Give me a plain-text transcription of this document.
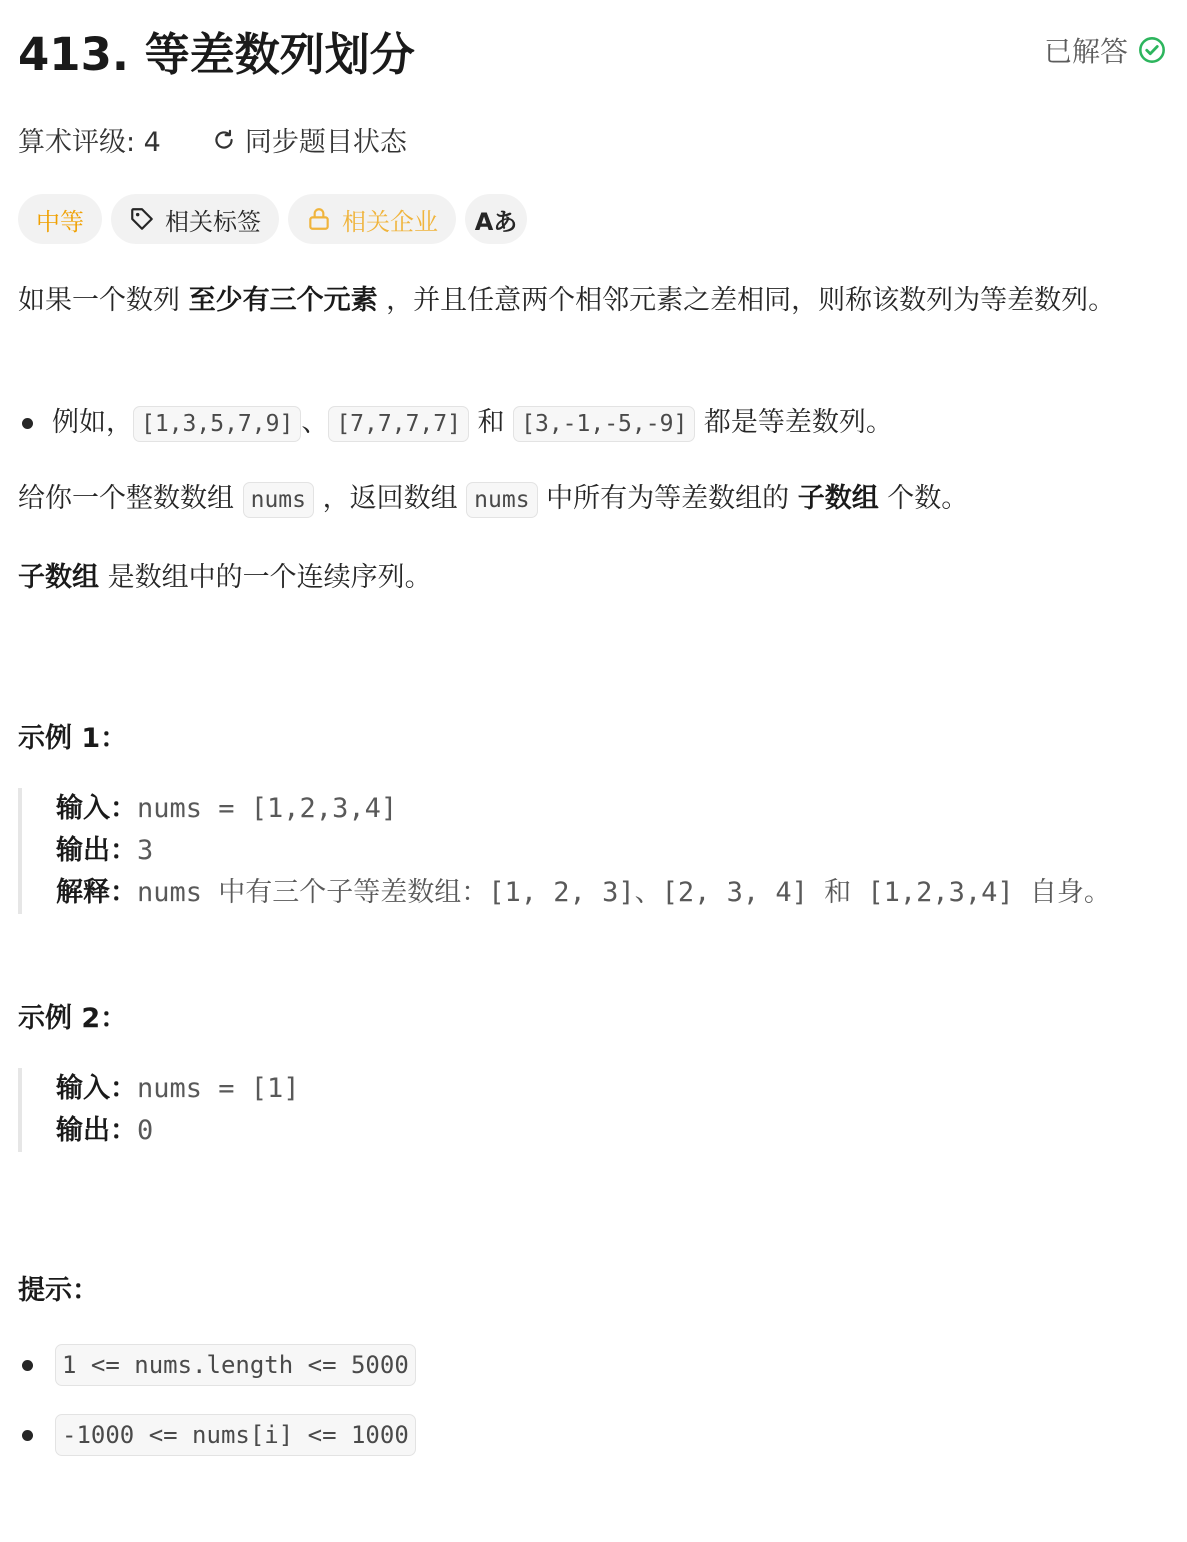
413. 等差数列划分	已解答
算术评级: 4	同步题目状态
中等	相关标签	相关企业 Aあ
如果一个数列 至少有三个元素 ，并且任意两个相邻元素之差相同，则称该数列为等差数列。
例如， [1,3,5,7,9] 、 [7,7,7,7] 和 [3,-1,-5,-9] 都是等差数列。
给你一个整数数组 nums ，返回数组 nums 中所有为等差数组的 子数组 个数。
子数组 是数组中的一个连续序列。
示例 1：
输入：nums = [1,2,3,4]
输出：3
解释：nums 中有三个子等差数组：[1, 2, 3]、[2, 3, 4] 和 [1,2,3,4] 自身。
示例 2：
输入：nums = [1]
输出：0
提示：
1 <= nums.length <= 5000
-1000 <= nums[i] <= 1000
